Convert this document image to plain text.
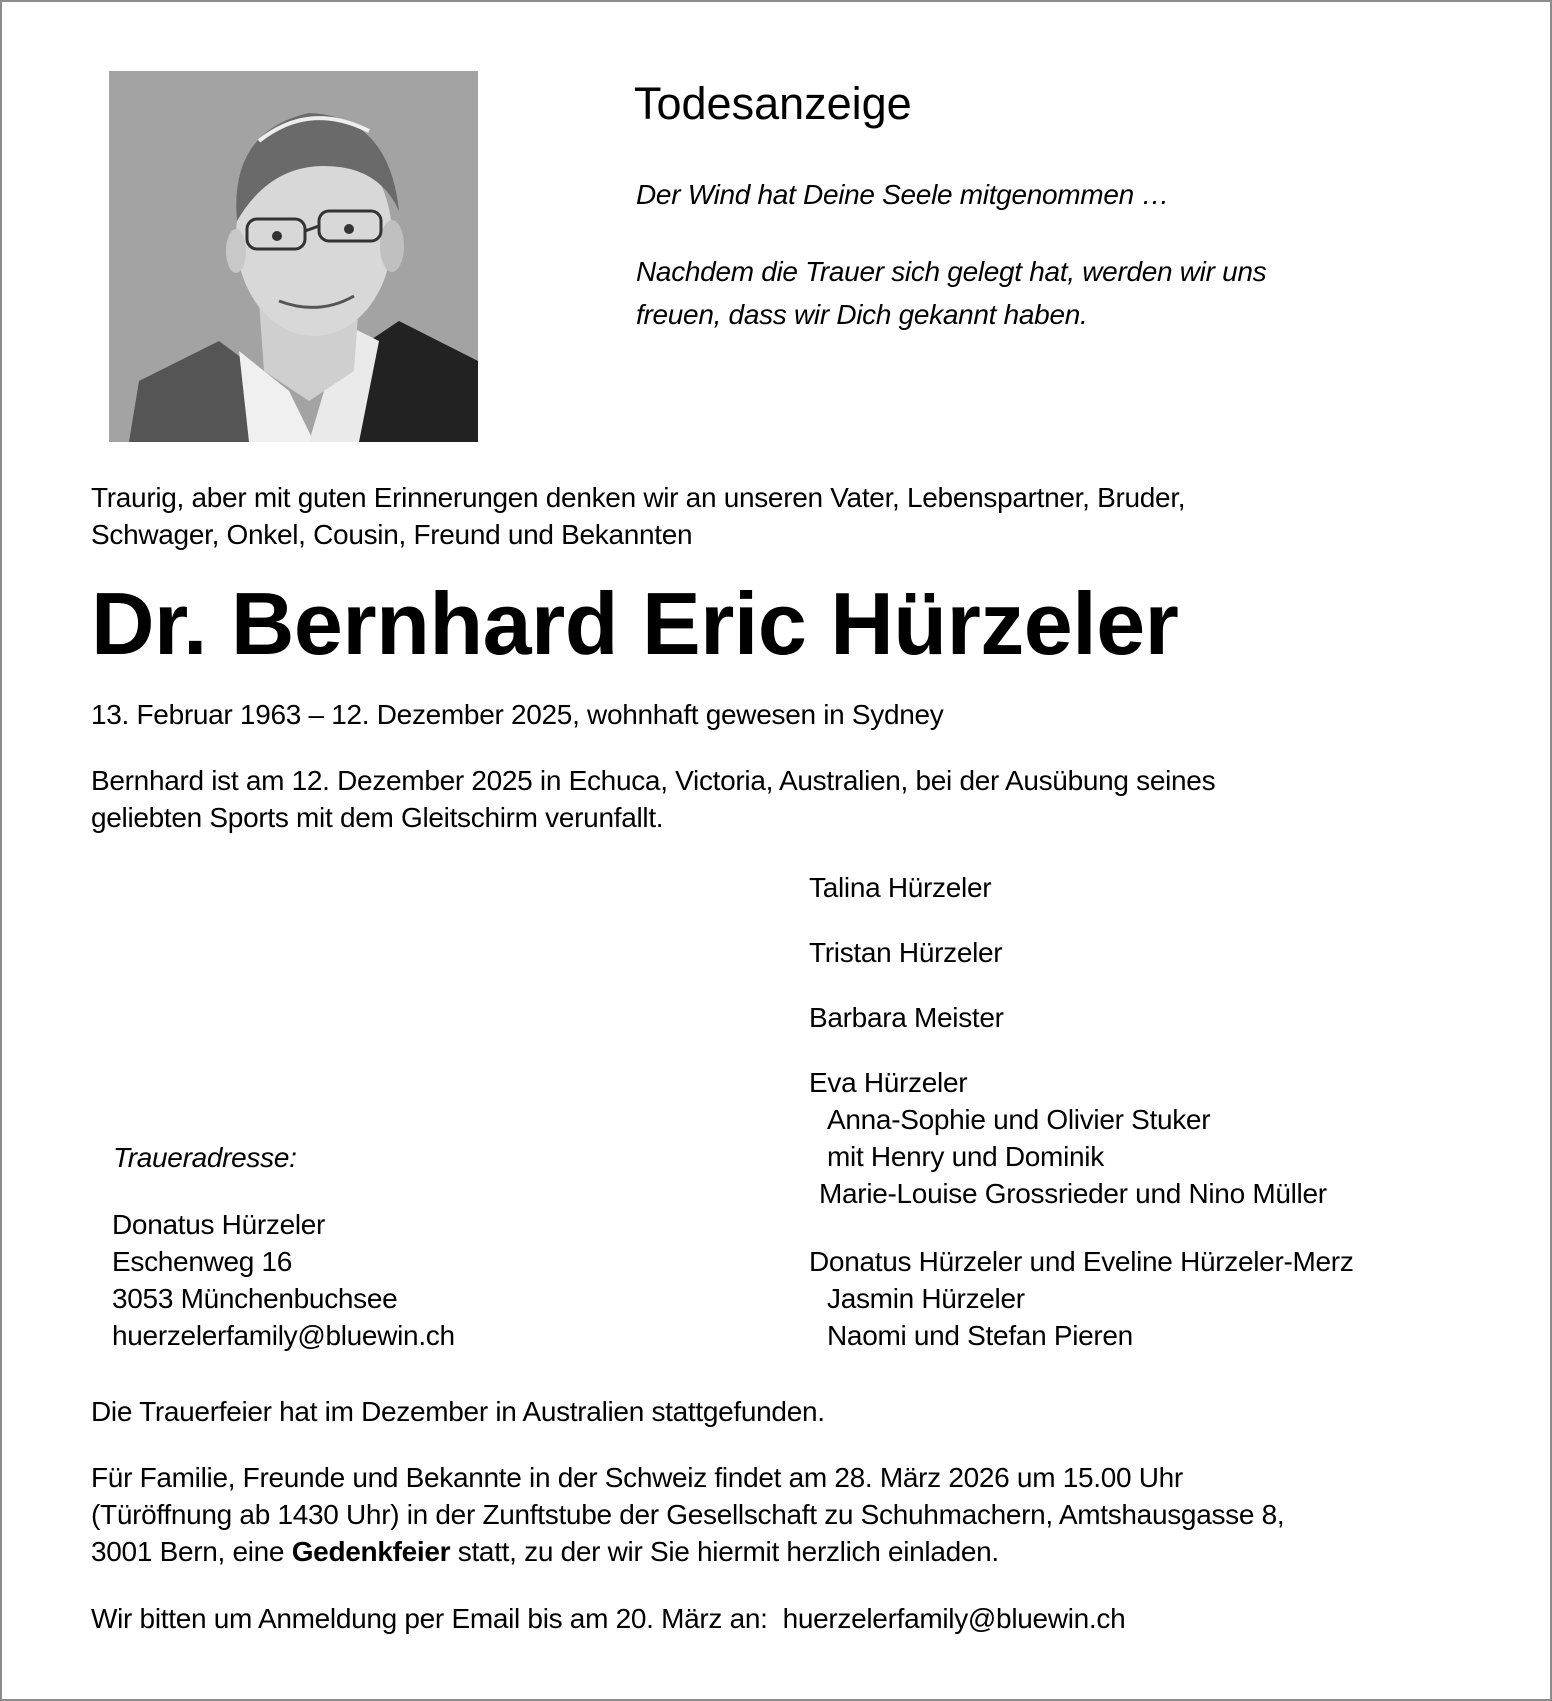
Todesanzeige
Der Wind hat Deine Seele mitgenommen …
Nachdem die Trauer sich gelegt hat, werden wir uns
freuen, dass wir Dich gekannt haben.
Traurig, aber mit guten Erinnerungen denken wir an unseren Vater, Lebenspartner, Bruder,
Schwager, Onkel, Cousin, Freund und Bekannten
Dr. Bernhard Eric Hürzeler
13. Februar 1963 – 12. Dezember 2025, wohnhaft gewesen in Sydney
Bernhard ist am 12. Dezember 2025 in Echuca, Victoria, Australien, bei der Ausübung seines
geliebten Sports mit dem Gleitschirm verunfallt.
Talina Hürzeler
Tristan Hürzeler
Barbara Meister
Eva Hürzeler
Anna-Sophie und Olivier Stuker
mit Henry und Dominik
Marie-Louise Grossrieder und Nino Müller
Donatus Hürzeler und Eveline Hürzeler-Merz
Jasmin Hürzeler
Naomi und Stefan Pieren
Traueradresse:
Donatus Hürzeler
Eschenweg 16
3053 Münchenbuchsee
huerzelerfamily@bluewin.ch
Die Trauerfeier hat im Dezember in Australien stattgefunden.
Für Familie, Freunde und Bekannte in der Schweiz findet am 28. März 2026 um 15.00 Uhr
(Türöffnung ab 1430 Uhr) in der Zunftstube der Gesellschaft zu Schuhmachern, Amtshausgasse 8,
3001 Bern, eine Gedenkfeier statt, zu der wir Sie hiermit herzlich einladen.
Wir bitten um Anmeldung per Email bis am 20. März an: huerzelerfamily@bluewin.ch
